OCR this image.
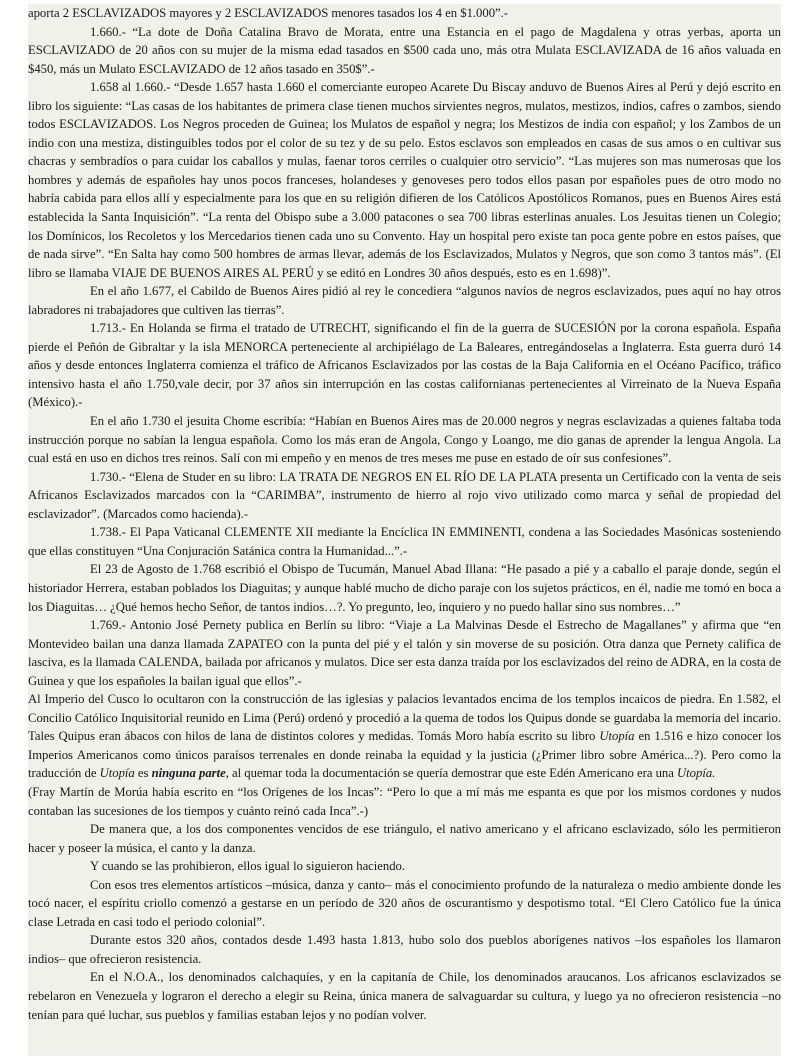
aporta 2 ESCLAVIZADOS mayores y 2 ESCLAVIZADOS menores tasados los 4 en $1.000”.-

1.660.- “La dote de Doña Catalina Bravo de Morata, entre una Estancia en el pago de Magdalena y otras yerbas, aporta un ESCLAVIZADO de 20 años con su mujer de la misma edad tasados en $500 cada uno, más otra Mulata ESCLAVIZADA de 16 años valuada en $450, más un Mulato ESCLAVIZADO de 12 años tasado en 350$”.-

1.658 al 1.660.- “Desde 1.657 hasta 1.660 el comerciante europeo Acarete Du Biscay anduvo de Buenos Aires al Perú y dejó escrito en libro los siguiente: “Las casas de los habitantes de primera clase tienen muchos sirvientes negros, mulatos, mestizos, indios, cafres o zambos, siendo todos ESCLAVIZADOS. Los Negros proceden de Guinea; los Mulatos de español y negra; los Mestizos de india con español; y los Zambos de un indio con una mestiza, distinguibles todos por el color de su tez y de su pelo. Estos esclavos son empleados en casas de sus amos o en cultivar sus chacras y sembradíos o para cuidar los caballos y mulas, faenar toros cerriles o cualquier otro servicio”. “Las mujeres son mas numerosas que los hombres y además de españoles hay unos pocos franceses, holandeses y genoveses pero todos ellos pasan por españoles pues de otro modo no habría cabida para ellos allí y especialmente para los que en su religión difieren de los Católicos Apostólicos Romanos, pues en Buenos Aires está establecida la Santa Inquisición”. “La renta del Obispo sube a 3.000 patacones o sea 700 libras esterlinas anuales. Los Jesuitas tienen un Colegio; los Domínicos, los Recoletos y los Mercedarios tienen cada uno su Convento. Hay un hospital pero existe tan poca gente pobre en estos países, que de nada sirve”. “En Salta hay como 500 hombres de armas llevar, además de los Esclavizados, Mulatos y Negros, que son como 3 tantos más”. (El libro se llamaba VIAJE DE BUENOS AIRES AL PERÚ y se editó en Londres 30 años después, esto es en 1.698)”.

En el año 1.677, el Cabildo de Buenos Aires pidió al rey le concediera “algunos navíos de negros esclavizados, pues aquí no hay otros labradores ni trabajadores que cultiven las tierras”.

1.713.- En Holanda se firma el tratado de UTRECHT, significando el fin de la guerra de SUCESIÓN por la corona española. España pierde el Peñón de Gibraltar y la isla MENORCA perteneciente al archipiélago de La Baleares, entregándoselas a Inglaterra. Esta guerra duró 14 años y desde entonces Inglaterra comienza el tráfico de Africanos Esclavizados por las costas de la Baja California en el Océano Pacífico, tráfico intensivo hasta el año 1.750,vale decir, por 37 años sin interrupción en las costas californianas pertenecientes al Virreinato de la Nueva España (México).-

En el año 1.730 el jesuita Chome escribía: “Habían en Buenos Aires mas de 20.000 negros y negras esclavizadas a quienes faltaba toda instrucción porque no sabían la lengua española. Como los más eran de Angola, Congo y Loango, me dio ganas de aprender la lengua Angola. La cual está en uso en dichos tres reinos. Salí con mi empeño y en menos de tres meses me puse en estado de oír sus confesiones”.

1.730.- “Elena de Studer en su libro: LA TRATA DE NEGROS EN EL RÍO DE LA PLATA presenta un Certificado con la venta de seis Africanos Esclavizados marcados con la “CARIMBA”, instrumento de hierro al rojo vivo utilizado como marca y señal de propiedad del esclavizador”. (Marcados como hacienda).-

1.738.- El Papa Vaticanal CLEMENTE XII mediante la Encíclica IN EMMINENTI, condena a las Sociedades Masónicas sosteniendo que ellas constituyen “Una Conjuración Satánica contra la Humanidad...”.-

El 23 de Agosto de 1.768 escribió el Obispo de Tucumán, Manuel Abad Illana: “He pasado a pié y a caballo el paraje donde, según el historiador Herrera, estaban poblados los Diaguitas; y aunque hablé mucho de dicho paraje con los sujetos prácticos, en él, nadie me tomó en boca a los Diaguitas… ¿Qué hemos hecho Señor, de tantos indios…?. Yo pregunto, leo, inquiero y no puedo hallar sino sus nombres…”

1.769.- Antonio José Pernety publica en Berlín su libro: “Viaje a La Malvinas Desde el Estrecho de Magallanes” y afirma que “en Montevideo bailan una danza llamada ZAPATEO con la punta del pié y el talón y sin moverse de su posición. Otra danza que Pernety califica de lasciva, es la llamada CALENDA, bailada por africanos y mulatos. Dice ser esta danza traída por los esclavizados del reino de ADRA, en la costa de Guinea y que los españoles la bailan igual que ellos”.-

Al Imperio del Cusco lo ocultaron con la construcción de las iglesias y palacios levantados encima de los templos incaicos de piedra. En 1.582, el Concilio Católico Inquisitorial reunido en Lima (Perú) ordenó y procedió a la quema de todos los Quipus donde se guardaba la memoria del incario. Tales Quipus eran ábacos con hilos de lana de distintos colores y medidas. Tomás Moro había escrito su libro Utopía en 1.516 e hizo conocer los Imperios Americanos como únicos paraísos terrenales en donde reinaba la equidad y la justicia (¿Primer libro sobre América...?). Pero como la traducción de Utopía es ninguna parte, al quemar toda la documentación se quería demostrar que este Edén Americano era una Utopía.

(Fray Martín de Morúa había escrito en “los Orígenes de los Incas”: “Pero lo que a mí más me espanta es que por los mismos cordones y nudos contaban las sucesiones de los tiempos y cuánto reinó cada Inca”.-)

De manera que, a los dos componentes vencidos de ese triángulo, el nativo americano y el africano esclavizado, sólo les permitieron hacer y poseer la música, el canto y la danza.

Y cuando se las prohibieron, ellos igual lo siguieron haciendo.

Con esos tres elementos artísticos –música, danza y canto– más el conocimiento profundo de la naturaleza o medio ambiente donde les tocó nacer, el espíritu criollo comenzó a gestarse en un período de 320 años de oscurantismo y despotismo total. “El Clero Católico fue la única clase Letrada en casi todo el periodo colonial”.

Durante estos 320 años, contados desde 1.493 hasta 1.813, hubo solo dos pueblos aborígenes nativos –los españoles los llamaron indios– que ofrecieron resistencia.

En el N.O.A., los denominados calchaquíes, y en la capitanía de Chile, los denominados araucanos. Los africanos esclavizados se rebelaron en Venezuela y lograron el derecho a elegir su Reina, única manera de salvaguardar su cultura, y luego ya no ofrecieron resistencia –no tenían para qué luchar, sus pueblos y familias estaban lejos y no podían volver.
